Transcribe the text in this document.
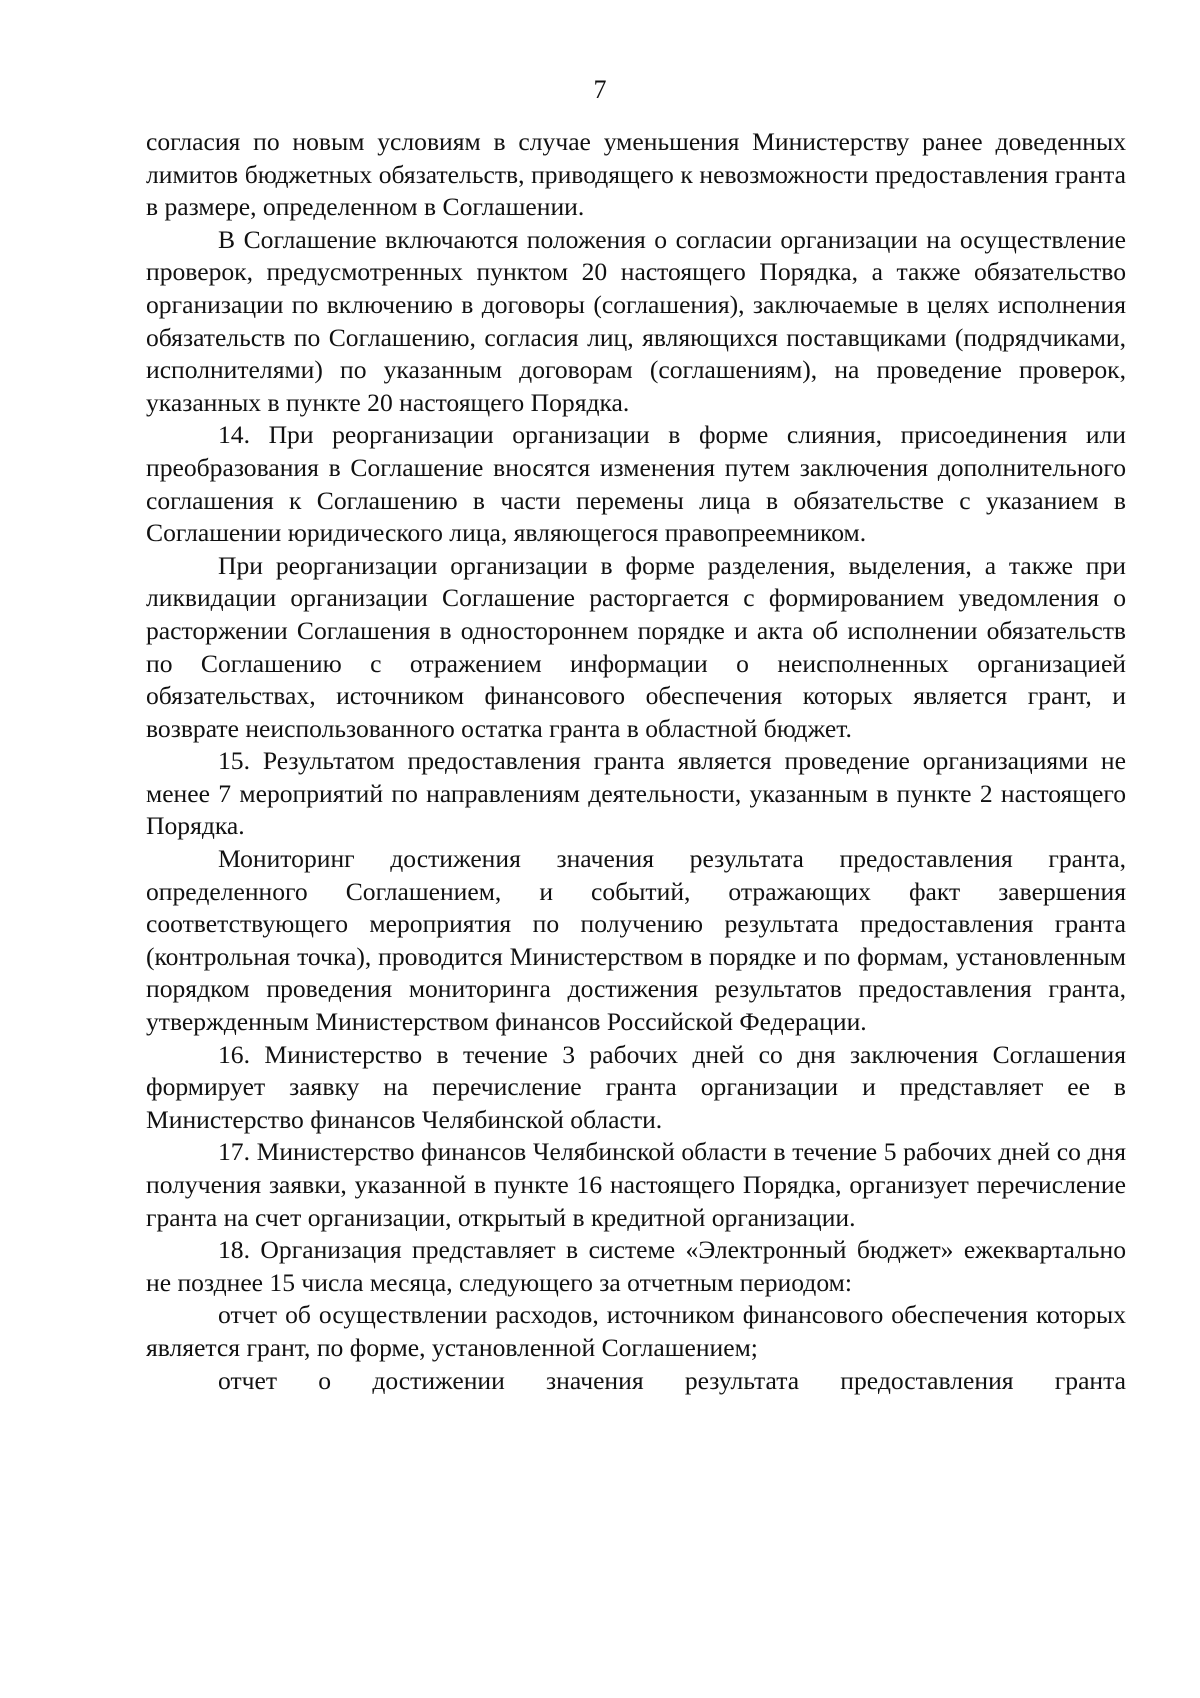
7

согласия по новым условиям в случае уменьшения Министерству ранее доведенных лимитов бюджетных обязательств, приводящего к невозможности предоставления гранта в размере, определенном в Соглашении.

В Соглашение включаются положения о согласии организации на осуществление проверок, предусмотренных пунктом 20 настоящего Порядка, а также обязательство организации по включению в договоры (соглашения), заключаемые в целях исполнения обязательств по Соглашению, согласия лиц, являющихся поставщиками (подрядчиками, исполнителями) по указанным договорам (соглашениям), на проведение проверок, указанных в пункте 20 настоящего Порядка.

14. При реорганизации организации в форме слияния, присоединения или преобразования в Соглашение вносятся изменения путем заключения дополнительного соглашения к Соглашению в части перемены лица в обязательстве с указанием в Соглашении юридического лица, являющегося правопреемником.

При реорганизации организации в форме разделения, выделения, а также при ликвидации организации Соглашение расторгается с формированием уведомления о расторжении Соглашения в одностороннем порядке и акта об исполнении обязательств по Соглашению с отражением информации о неисполненных организацией обязательствах, источником финансового обеспечения которых является грант, и возврате неиспользованного остатка гранта в областной бюджет.

15. Результатом предоставления гранта является проведение организациями не менее 7 мероприятий по направлениям деятельности, указанным в пункте 2 настоящего Порядка.

Мониторинг достижения значения результата предоставления гранта, определенного Соглашением, и событий, отражающих факт завершения соответствующего мероприятия по получению результата предоставления гранта (контрольная точка), проводится Министерством в порядке и по формам, установленным порядком проведения мониторинга достижения результатов предоставления гранта, утвержденным Министерством финансов Российской Федерации.

16. Министерство в течение 3 рабочих дней со дня заключения Соглашения формирует заявку на перечисление гранта организации и представляет ее в Министерство финансов Челябинской области.

17. Министерство финансов Челябинской области в течение 5 рабочих дней со дня получения заявки, указанной в пункте 16 настоящего Порядка, организует перечисление гранта на счет организации, открытый в кредитной организации.

18. Организация представляет в системе «Электронный бюджет» ежеквартально не позднее 15 числа месяца, следующего за отчетным периодом:

отчет об осуществлении расходов, источником финансового обеспечения которых является грант, по форме, установленной Соглашением;

отчет о достижении значения результата предоставления гранта
